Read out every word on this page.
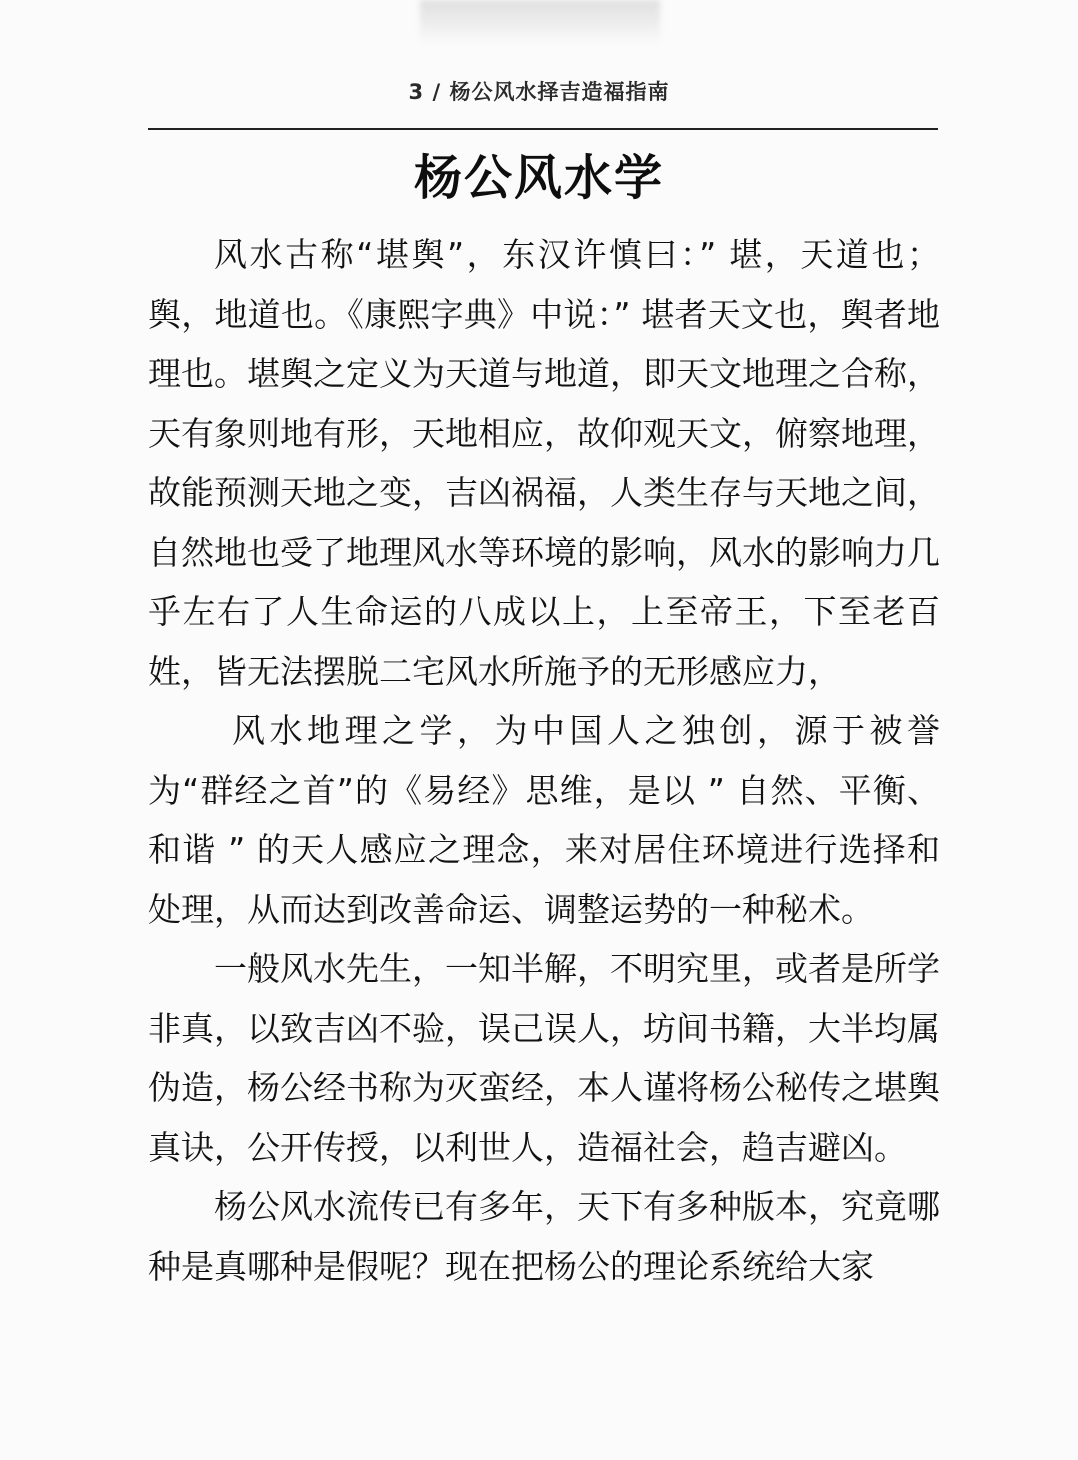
3 / 杨公风水择吉造福指南
杨公风水学

风水古称“堪舆”，东汉许慎曰：” 堪，天道也；舆，地道也。《康熙字典》中说：” 堪者天文也，舆者地理也。堪舆之定义为天道与地道，即天文地理之合称，天有象则地有形，天地相应，故仰观天文，俯察地理，故能预测天地之变，吉凶祸福，人类生存与天地之间，自然地也受了地理风水等环境的影响，风水的影响力几乎左右了人生命运的八成以上，上至帝王，下至老百姓，皆无法摆脱二宅风水所施予的无形感应力，

风水地理之学，为中国人之独创，源于被誉为“群经之首”的《易经》思维，是以 ” 自然、平衡、和谐 ” 的天人感应之理念，来对居住环境进行选择和处理，从而达到改善命运、调整运势的一种秘术。

一般风水先生，一知半解，不明究里，或者是所学非真，以致吉凶不验，误己误人，坊间书籍，大半均属伪造，杨公经书称为灭蛮经，本人谨将杨公秘传之堪舆真诀，公开传授，以利世人，造福社会，趋吉避凶。

杨公风水流传已有多年，天下有多种版本，究竟哪种是真哪种是假呢？现在把杨公的理论系统给大家
